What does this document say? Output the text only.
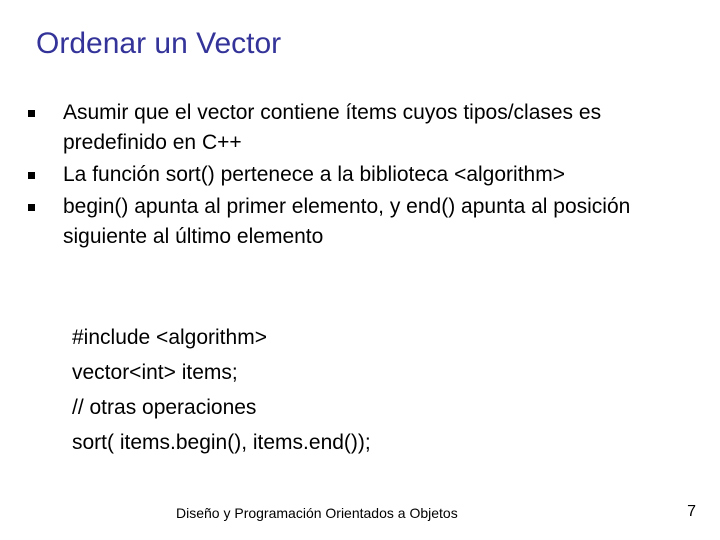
Ordenar un Vector
Asumir que el vector contiene ítems cuyos tipos/clases es predefinido en C++
La función sort() pertenece a la biblioteca <algorithm>
begin() apunta al primer elemento, y end() apunta al posición siguiente al último elemento
#include <algorithm>
vector<int> items;
// otras operaciones
sort( items.begin(), items.end());
Diseño y Programación Orientados a Objetos	7
